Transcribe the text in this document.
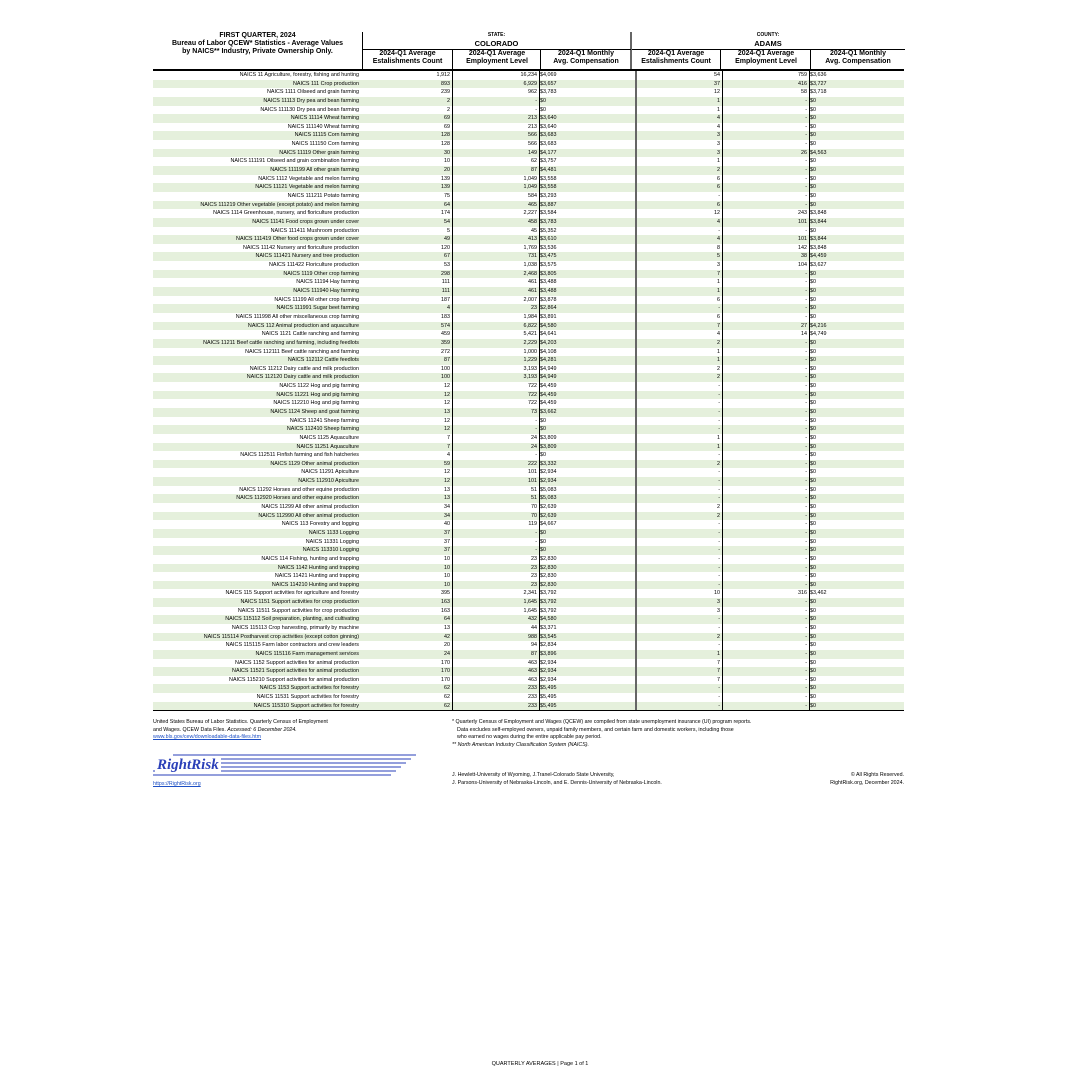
FIRST QUARTER, 2024
Bureau of Labor QCEW* Statistics - Average Values
by NAICS** Industry, Private Ownership Only.
STATE:
COLORADO
COUNTY:
ADAMS
2024-Q1 Average
Estalishments Count
2024-Q1 Average
Employment Level
2024-Q1 Monthly
Avg. Compensation
2024-Q1 Average
Estalishments Count
2024-Q1 Average
Employment Level
2024-Q1 Monthly
Avg. Compensation
NAICS 11 Agriculture, forestry, fishing and hunting	1,912	16,234 $4,069	54	759 $3,636
NAICS 111 Crop production	893	6,929 $3,657	37	416 $3,727
NAICS 1111 Oilseed and grain farming	239	962 $3,783	12	58 $3,718
NAICS 11113 Dry pea and bean farming	2	- $0	1	- $0
NAICS 111130 Dry pea and bean farming	2	- $0	1	- $0
NAICS 11114 Wheat farming	69	213 $3,640	4	- $0
NAICS 111140 Wheat farming	69	213 $3,640	4	- $0
NAICS 11115 Corn farming	128	566 $3,683	3	- $0
NAICS 111150 Corn farming	128	566 $3,683	3	- $0
NAICS 11119 Other grain farming	30	149 $4,177	3	26 $4,563
NAICS 111191 Oilseed and grain combination farming	10	62 $3,757	1	- $0
NAICS 111199 All other grain farming	20	87 $4,481	2	- $0
NAICS 1112 Vegetable and melon farming	139	1,049 $3,558	6	- $0
NAICS 11121 Vegetable and melon farming	139	1,049 $3,558	6	- $0
NAICS 111211 Potato farming	75	584 $3,293	-	- $0
NAICS 111219 Other vegetable (except potato) and melon farming	64	465 $3,887	6	- $0
NAICS 1114 Greenhouse, nursery, and floriculture production	174	2,227 $3,584	12	243 $3,848
NAICS 11141 Food crops grown under cover	54	458 $3,783	4	101 $3,844
NAICS 111411 Mushroom production	5	45 $5,352	-	- $0
NAICS 111419 Other food crops grown under cover	49	413 $3,610	4	101 $3,844
NAICS 11142 Nursery and floriculture production	120	1,769 $3,536	8	142 $3,848
NAICS 111421 Nursery and tree production	67	731 $3,475	5	38 $4,459
NAICS 111422 Floriculture production	53	1,038 $3,575	3	104 $3,627
NAICS 1119 Other crop farming	298	2,468 $3,805	7	- $0
NAICS 11194 Hay farming	111	461 $3,488	1	- $0
NAICS 111940 Hay farming	111	461 $3,488	1	- $0
NAICS 11199 All other crop farming	187	2,007 $3,878	6	- $0
NAICS 111991 Sugar beet farming	4	23 $2,864	-	- $0
NAICS 111998 All other miscellaneous crop farming	183	1,984 $3,891	6	- $0
NAICS 112 Animal production and aquaculture	574	6,822 $4,580	7	27 $4,216
NAICS 1121 Cattle ranching and farming	459	5,421 $4,641	4	14 $4,749
NAICS 11211 Beef cattle ranching and farming, including feedlots	359	2,229 $4,203	2	- $0
NAICS 112111 Beef cattle ranching and farming	272	1,000 $4,108	1	- $0
NAICS 112112 Cattle feedlots	87	1,229 $4,281	1	- $0
NAICS 11212 Dairy cattle and milk production	100	3,193 $4,949	2	- $0
NAICS 112120 Dairy cattle and milk production	100	3,193 $4,949	2	- $0
NAICS 1122 Hog and pig farming	12	722 $4,459	-	- $0
NAICS 11221 Hog and pig farming	12	722 $4,459	-	- $0
NAICS 112210 Hog and pig farming	12	722 $4,459	-	- $0
NAICS 1124 Sheep and goat farming	13	73 $3,662	-	- $0
NAICS 11241 Sheep farming	12	- $0	-	- $0
NAICS 112410 Sheep farming	12	- $0	-	- $0
NAICS 1125 Aquaculture	7	24 $3,809	1	- $0
NAICS 11251 Aquaculture	7	24 $3,809	1	- $0
NAICS 112511 Finfish farming and fish hatcheries	4	- $0	-	- $0
NAICS 1129 Other animal production	59	222 $3,332	2	- $0
NAICS 11291 Apiculture	12	101 $2,934	-	- $0
NAICS 112910 Apiculture	12	101 $2,934	-	- $0
NAICS 11292 Horses and other equine production	13	51 $5,083	-	- $0
NAICS 112920 Horses and other equine production	13	51 $5,083	-	- $0
NAICS 11299 All other animal production	34	70 $2,639	2	- $0
NAICS 112990 All other animal production	34	70 $2,639	2	- $0
NAICS 113 Forestry and logging	40	119 $4,667	-	- $0
NAICS 1133 Logging	37	- $0	-	- $0
NAICS 11331 Logging	37	- $0	-	- $0
NAICS 113310 Logging	37	- $0	-	- $0
NAICS 114 Fishing, hunting and trapping	10	23 $2,830	-	- $0
NAICS 1142 Hunting and trapping	10	23 $2,830	-	- $0
NAICS 11421 Hunting and trapping	10	23 $2,830	-	- $0
NAICS 114210 Hunting and trapping	10	23 $2,830	-	- $0
NAICS 115 Support activities for agriculture and forestry	395	2,341 $3,792	10	316 $3,462
NAICS 1151 Support activities for crop production	163	1,645 $3,792	3	- $0
NAICS 11511 Support activities for crop production	163	1,645 $3,792	3	- $0
NAICS 115112 Soil preparation, planting, and cultivating	64	432 $4,580	-	- $0
NAICS 115113 Crop harvesting, primarily by machine	13	44 $3,371	-	- $0
NAICS 115114 Postharvest crop activities (except cotton ginning)	42	988 $3,545	2	- $0
NAICS 115115 Farm labor contractors and crew leaders	20	94 $2,834	-	- $0
NAICS 115116 Farm management services	24	87 $3,896	1	- $0
NAICS 1152 Support activities for animal production	170	463 $2,934	7	- $0
NAICS 11521 Support activities for animal production	170	463 $2,934	7	- $0
NAICS 115210 Support activities for animal production	170	463 $2,934	7	- $0
NAICS 1153 Support activities for forestry	62	233 $5,495	-	- $0
NAICS 11531 Support activities for forestry	62	233 $5,495	-	- $0
NAICS 115310 Support activities for forestry	62	233 $5,495	-	- $0
United States Bureau of Labor Statistics. Quarterly Census of Employment
and Wages. QCEW Data Files. Accessed: 6 December 2024.
www.bls.gov/cew/downloadable-data-files.htm
* Quarterly Census of Employment and Wages (QCEW) are compiled from state unemployment insurance (UI) program reports.
Data excludes self-employed owners, unpaid family members, and certain farm and domestic workers, including those
who earned no wages during the entire applicable pay period.
** North American Industry Classification System (NAICS).
RightRisk
https://RightRisk.org
J. Hewlett-University of Wyoming, J.Tranel-Colorado State University,
J. Parsons-University of Nebraska-Lincoln, and E. Dennis-University of Nebraska-Lincoln.
© All Rights Reserved.
RightRisk.org, December 2024.
QUARTERLY AVERAGES | Page 1 of 1
